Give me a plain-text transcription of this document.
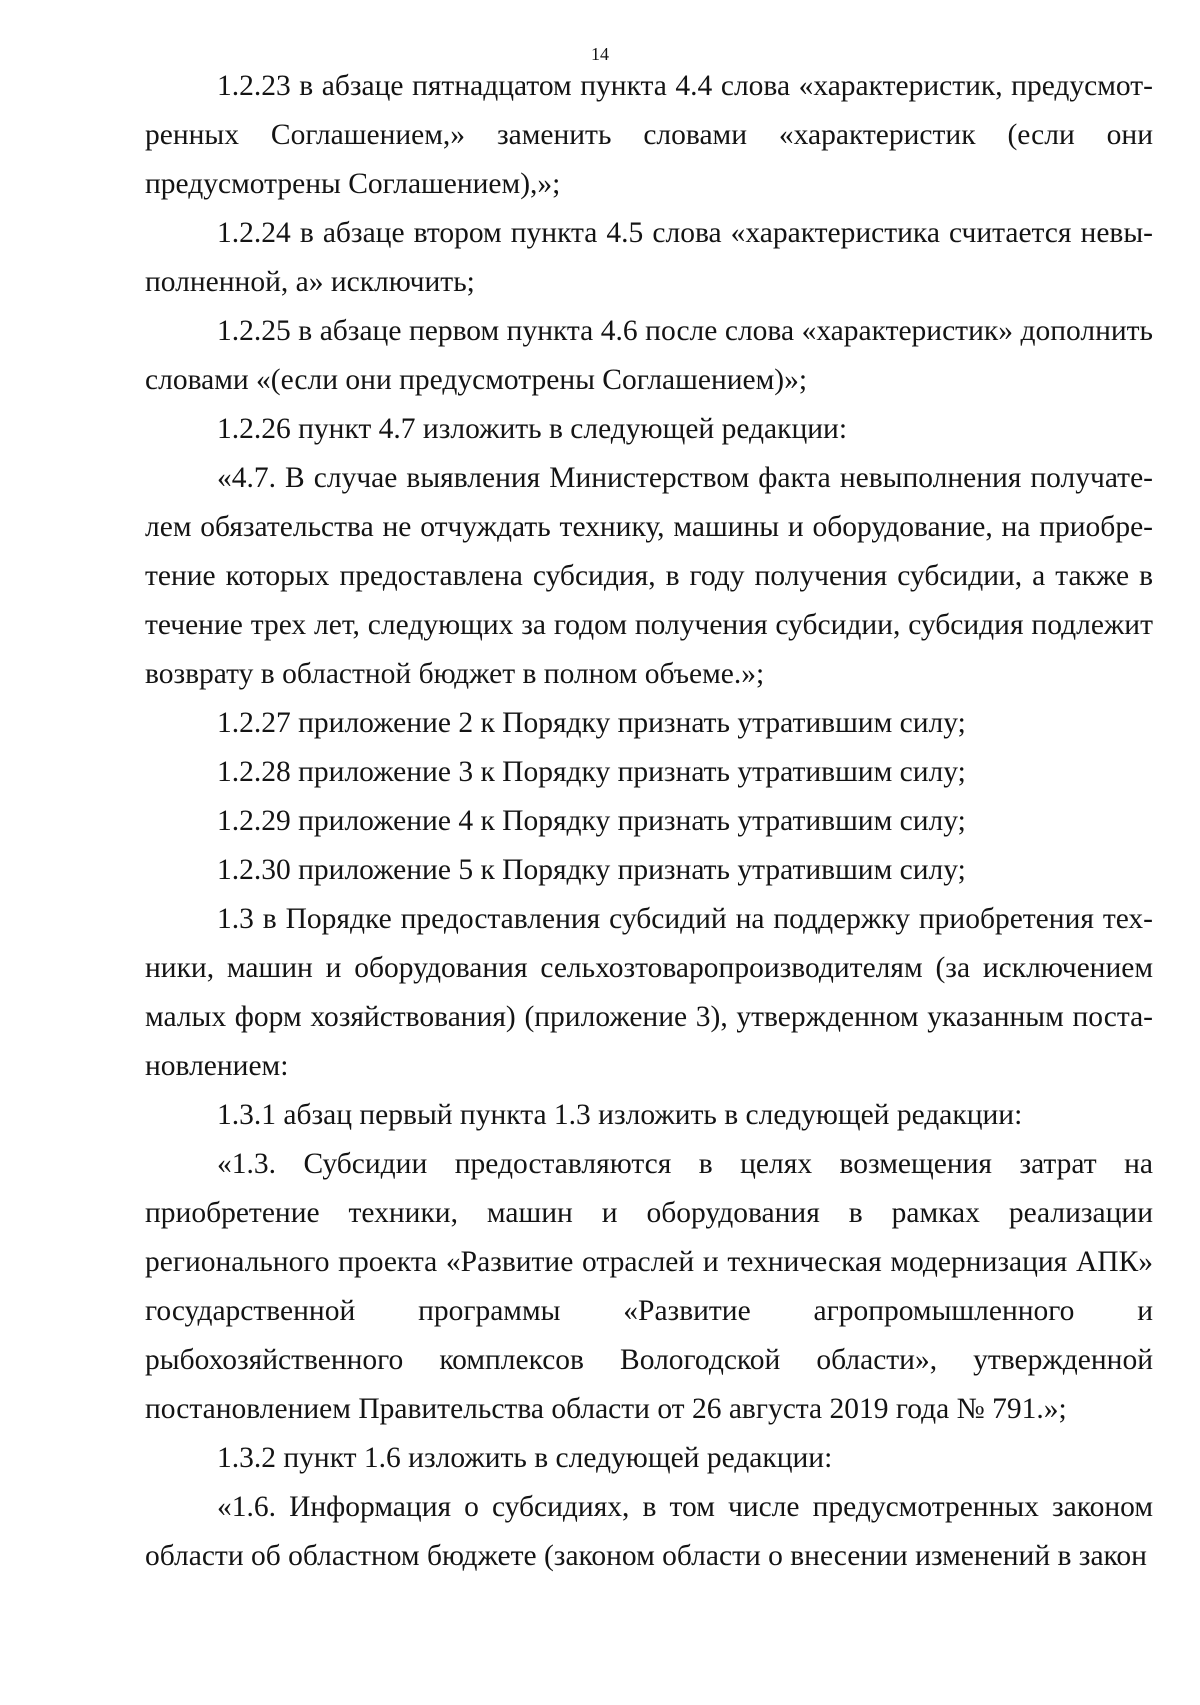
14

1.2.23 в абзаце пятнадцатом пункта 4.4 слова «характеристик, предусмотренных Соглашением,» заменить словами «характеристик (если они предусмотрены Соглашением),»;

1.2.24 в абзаце втором пункта 4.5 слова «характеристика считается невыполненной, а» исключить;

1.2.25 в абзаце первом пункта 4.6 после слова «характеристик» дополнить словами «(если они предусмотрены Соглашением)»;

1.2.26 пункт 4.7 изложить в следующей редакции:

«4.7. В случае выявления Министерством факта невыполнения получателем обязательства не отчуждать технику, машины и оборудование, на приобретение которых предоставлена субсидия, в году получения субсидии, а также в течение трех лет, следующих за годом получения субсидии, субсидия подлежит возврату в областной бюджет в полном объеме.»;

1.2.27 приложение 2 к Порядку признать утратившим силу;

1.2.28 приложение 3 к Порядку признать утратившим силу;

1.2.29 приложение 4 к Порядку признать утратившим силу;

1.2.30 приложение 5 к Порядку признать утратившим силу;

1.3 в Порядке предоставления субсидий на поддержку приобретения техники, машин и оборудования сельхозтоваропроизводителям (за исключением малых форм хозяйствования) (приложение 3), утвержденном указанным постановлением:

1.3.1 абзац первый пункта 1.3 изложить в следующей редакции:

«1.3. Субсидии предоставляются в целях возмещения затрат на приобретение техники, машин и оборудования в рамках реализации регионального проекта «Развитие отраслей и техническая модернизация АПК» государственной программы «Развитие агропромышленного и рыбохозяйственного комплексов Вологодской области», утвержденной постановлением Правительства области от 26 августа 2019 года № 791.»;

1.3.2 пункт 1.6 изложить в следующей редакции:

«1.6. Информация о субсидиях, в том числе предусмотренных законом области об областном бюджете (законом области о внесении изменений в закон
